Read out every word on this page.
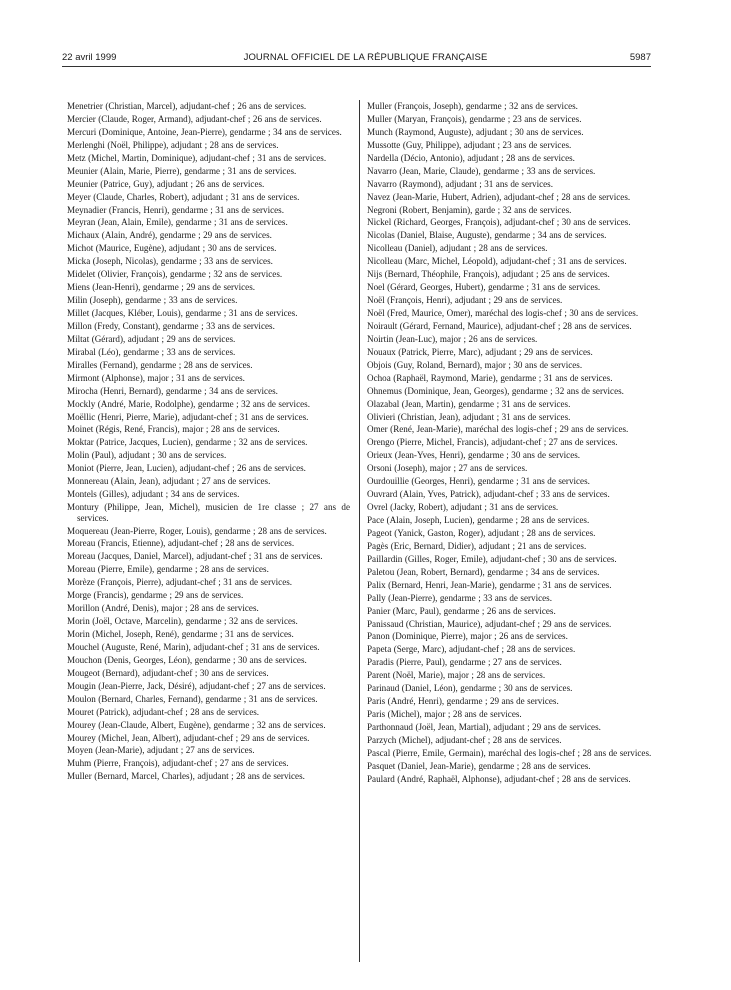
22 avril 1999	JOURNAL OFFICIEL DE LA RÉPUBLIQUE FRANÇAISE	5987
Menetrier (Christian, Marcel), adjudant-chef ; 26 ans de services.
Mercier (Claude, Roger, Armand), adjudant-chef ; 26 ans de services.
Mercuri (Dominique, Antoine, Jean-Pierre), gendarme ; 34 ans de services.
Merlenghi (Noël, Philippe), adjudant ; 28 ans de services.
Metz (Michel, Martin, Dominique), adjudant-chef ; 31 ans de services.
Meunier (Alain, Marie, Pierre), gendarme ; 31 ans de services.
Meunier (Patrice, Guy), adjudant ; 26 ans de services.
Meyer (Claude, Charles, Robert), adjudant ; 31 ans de services.
Meynadier (Francis, Henri), gendarme ; 31 ans de services.
Meyran (Jean, Alain, Emile), gendarme ; 31 ans de services.
Michaux (Alain, André), gendarme ; 29 ans de services.
Michot (Maurice, Eugène), adjudant ; 30 ans de services.
Micka (Joseph, Nicolas), gendarme ; 33 ans de services.
Midelet (Olivier, François), gendarme ; 32 ans de services.
Miens (Jean-Henri), gendarme ; 29 ans de services.
Milin (Joseph), gendarme ; 33 ans de services.
Millet (Jacques, Kléber, Louis), gendarme ; 31 ans de services.
Millon (Fredy, Constant), gendarme ; 33 ans de services.
Miltat (Gérard), adjudant ; 29 ans de services.
Mirabal (Léo), gendarme ; 33 ans de services.
Miralles (Fernand), gendarme ; 28 ans de services.
Mirmont (Alphonse), major ; 31 ans de services.
Mirocha (Henri, Bernard), gendarme ; 34 ans de services.
Mockly (André, Marie, Rodolphe), gendarme ; 32 ans de services.
Moëllic (Henri, Pierre, Marie), adjudant-chef ; 31 ans de services.
Moinet (Régis, René, Francis), major ; 28 ans de services.
Moktar (Patrice, Jacques, Lucien), gendarme ; 32 ans de services.
Molin (Paul), adjudant ; 30 ans de services.
Moniot (Pierre, Jean, Lucien), adjudant-chef ; 26 ans de services.
Monnereau (Alain, Jean), adjudant ; 27 ans de services.
Montels (Gilles), adjudant ; 34 ans de services.
Montury (Philippe, Jean, Michel), musicien de 1re classe ; 27 ans de services.
Moquereau (Jean-Pierre, Roger, Louis), gendarme ; 28 ans de services.
Moreau (Francis, Etienne), adjudant-chef ; 28 ans de services.
Moreau (Jacques, Daniel, Marcel), adjudant-chef ; 31 ans de services.
Moreau (Pierre, Emile), gendarme ; 28 ans de services.
Morèze (François, Pierre), adjudant-chef ; 31 ans de services.
Morge (Francis), gendarme ; 29 ans de services.
Morillon (André, Denis), major ; 28 ans de services.
Morin (Joël, Octave, Marcelin), gendarme ; 32 ans de services.
Morin (Michel, Joseph, René), gendarme ; 31 ans de services.
Mouchel (Auguste, René, Marin), adjudant-chef ; 31 ans de services.
Mouchon (Denis, Georges, Léon), gendarme ; 30 ans de services.
Mougeot (Bernard), adjudant-chef ; 30 ans de services.
Mougin (Jean-Pierre, Jack, Désiré), adjudant-chef ; 27 ans de services.
Moulon (Bernard, Charles, Fernand), gendarme ; 31 ans de services.
Mouret (Patrick), adjudant-chef ; 28 ans de services.
Mourey (Jean-Claude, Albert, Eugène), gendarme ; 32 ans de services.
Mourey (Michel, Jean, Albert), adjudant-chef ; 29 ans de services.
Moyen (Jean-Marie), adjudant ; 27 ans de services.
Muhm (Pierre, François), adjudant-chef ; 27 ans de services.
Muller (Bernard, Marcel, Charles), adjudant ; 28 ans de services.
Muller (François, Joseph), gendarme ; 32 ans de services.
Muller (Maryan, François), gendarme ; 23 ans de services.
Munch (Raymond, Auguste), adjudant ; 30 ans de services.
Mussotte (Guy, Philippe), adjudant ; 23 ans de services.
Nardella (Décio, Antonio), adjudant ; 28 ans de services.
Navarro (Jean, Marie, Claude), gendarme ; 33 ans de services.
Navarro (Raymond), adjudant ; 31 ans de services.
Navez (Jean-Marie, Hubert, Adrien), adjudant-chef ; 28 ans de services.
Negroni (Robert, Benjamin), garde ; 32 ans de services.
Nickel (Richard, Georges, François), adjudant-chef ; 30 ans de services.
Nicolas (Daniel, Blaise, Auguste), gendarme ; 34 ans de services.
Nicolleau (Daniel), adjudant ; 28 ans de services.
Nicolleau (Marc, Michel, Léopold), adjudant-chef ; 31 ans de services.
Nijs (Bernard, Théophile, François), adjudant ; 25 ans de services.
Noel (Gérard, Georges, Hubert), gendarme ; 31 ans de services.
Noël (François, Henri), adjudant ; 29 ans de services.
Noël (Fred, Maurice, Omer), maréchal des logis-chef ; 30 ans de services.
Noirault (Gérard, Fernand, Maurice), adjudant-chef ; 28 ans de services.
Noirtin (Jean-Luc), major ; 26 ans de services.
Nouaux (Patrick, Pierre, Marc), adjudant ; 29 ans de services.
Objois (Guy, Roland, Bernard), major ; 30 ans de services.
Ochoa (Raphaël, Raymond, Marie), gendarme ; 31 ans de services.
Ohnemus (Dominique, Jean, Georges), gendarme ; 32 ans de services.
Olazabal (Jean, Martin), gendarme ; 31 ans de services.
Olivieri (Christian, Jean), adjudant ; 31 ans de services.
Omer (René, Jean-Marie), maréchal des logis-chef ; 29 ans de services.
Orengo (Pierre, Michel, Francis), adjudant-chef ; 27 ans de services.
Orieux (Jean-Yves, Henri), gendarme ; 30 ans de services.
Orsoni (Joseph), major ; 27 ans de services.
Ourdouillie (Georges, Henri), gendarme ; 31 ans de services.
Ouvrard (Alain, Yves, Patrick), adjudant-chef ; 33 ans de services.
Ovrel (Jacky, Robert), adjudant ; 31 ans de services.
Pace (Alain, Joseph, Lucien), gendarme ; 28 ans de services.
Pageot (Yanick, Gaston, Roger), adjudant ; 28 ans de services.
Pagès (Eric, Bernard, Didier), adjudant ; 21 ans de services.
Paillardin (Gilles, Roger, Emile), adjudant-chef ; 30 ans de services.
Paletou (Jean, Robert, Bernard), gendarme ; 34 ans de services.
Palix (Bernard, Henri, Jean-Marie), gendarme ; 31 ans de services.
Pally (Jean-Pierre), gendarme ; 33 ans de services.
Panier (Marc, Paul), gendarme ; 26 ans de services.
Panissaud (Christian, Maurice), adjudant-chef ; 29 ans de services.
Panon (Dominique, Pierre), major ; 26 ans de services.
Papeta (Serge, Marc), adjudant-chef ; 28 ans de services.
Paradis (Pierre, Paul), gendarme ; 27 ans de services.
Parent (Noël, Marie), major ; 28 ans de services.
Parinaud (Daniel, Léon), gendarme ; 30 ans de services.
Paris (André, Henri), gendarme ; 29 ans de services.
Paris (Michel), major ; 28 ans de services.
Parthonnaud (Joël, Jean, Martial), adjudant ; 29 ans de services.
Parzych (Michel), adjudant-chef ; 28 ans de services.
Pascal (Pierre, Emile, Germain), maréchal des logis-chef ; 28 ans de services.
Pasquet (Daniel, Jean-Marie), gendarme ; 28 ans de services.
Paulard (André, Raphaël, Alphonse), adjudant-chef ; 28 ans de services.
